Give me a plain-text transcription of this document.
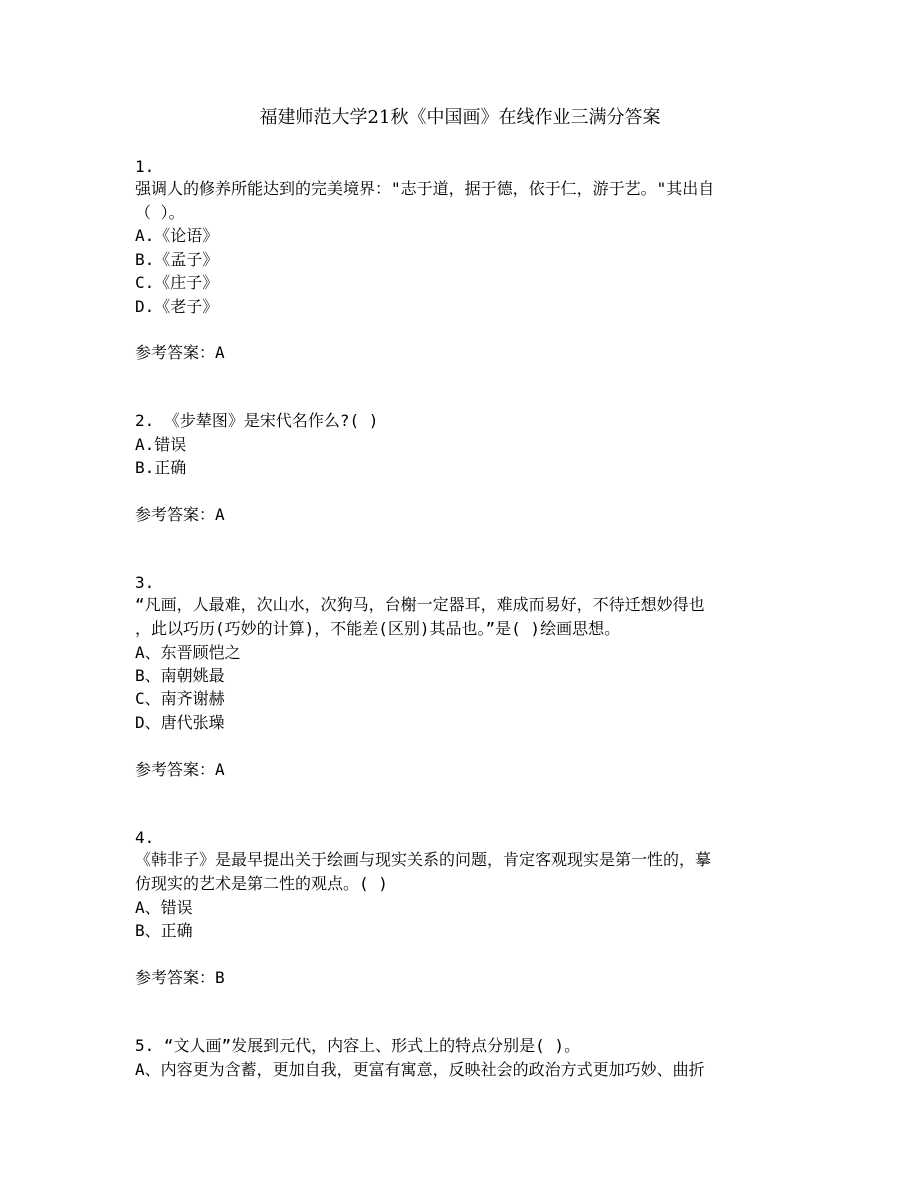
福建师范大学21秋《中国画》在线作业三满分答案
1.
强调人的修养所能达到的完美境界："志于道，据于德，依于仁，游于艺。"其出自
（ ）。
A.《论语》
B.《孟子》
C.《庄子》
D.《老子》
参考答案：A
2. 《步辇图》是宋代名作么?( )
A.错误
B.正确
参考答案：A
3.
“凡画，人最难，次山水，次狗马，台榭一定器耳，难成而易好，不待迁想妙得也
，此以巧历(巧妙的计算)，不能差(区别)其品也。”是( )绘画思想。
A、东晋顾恺之
B、南朝姚最
C、南齐谢赫
D、唐代张璪
参考答案：A
4.
《韩非子》是最早提出关于绘画与现实关系的问题，肯定客观现实是第一性的，摹
仿现实的艺术是第二性的观点。( )
A、错误
B、正确
参考答案：B
5. “文人画”发展到元代，内容上、形式上的特点分别是( )。
A、内容更为含蓄，更加自我，更富有寓意，反映社会的政治方式更加巧妙、曲折
